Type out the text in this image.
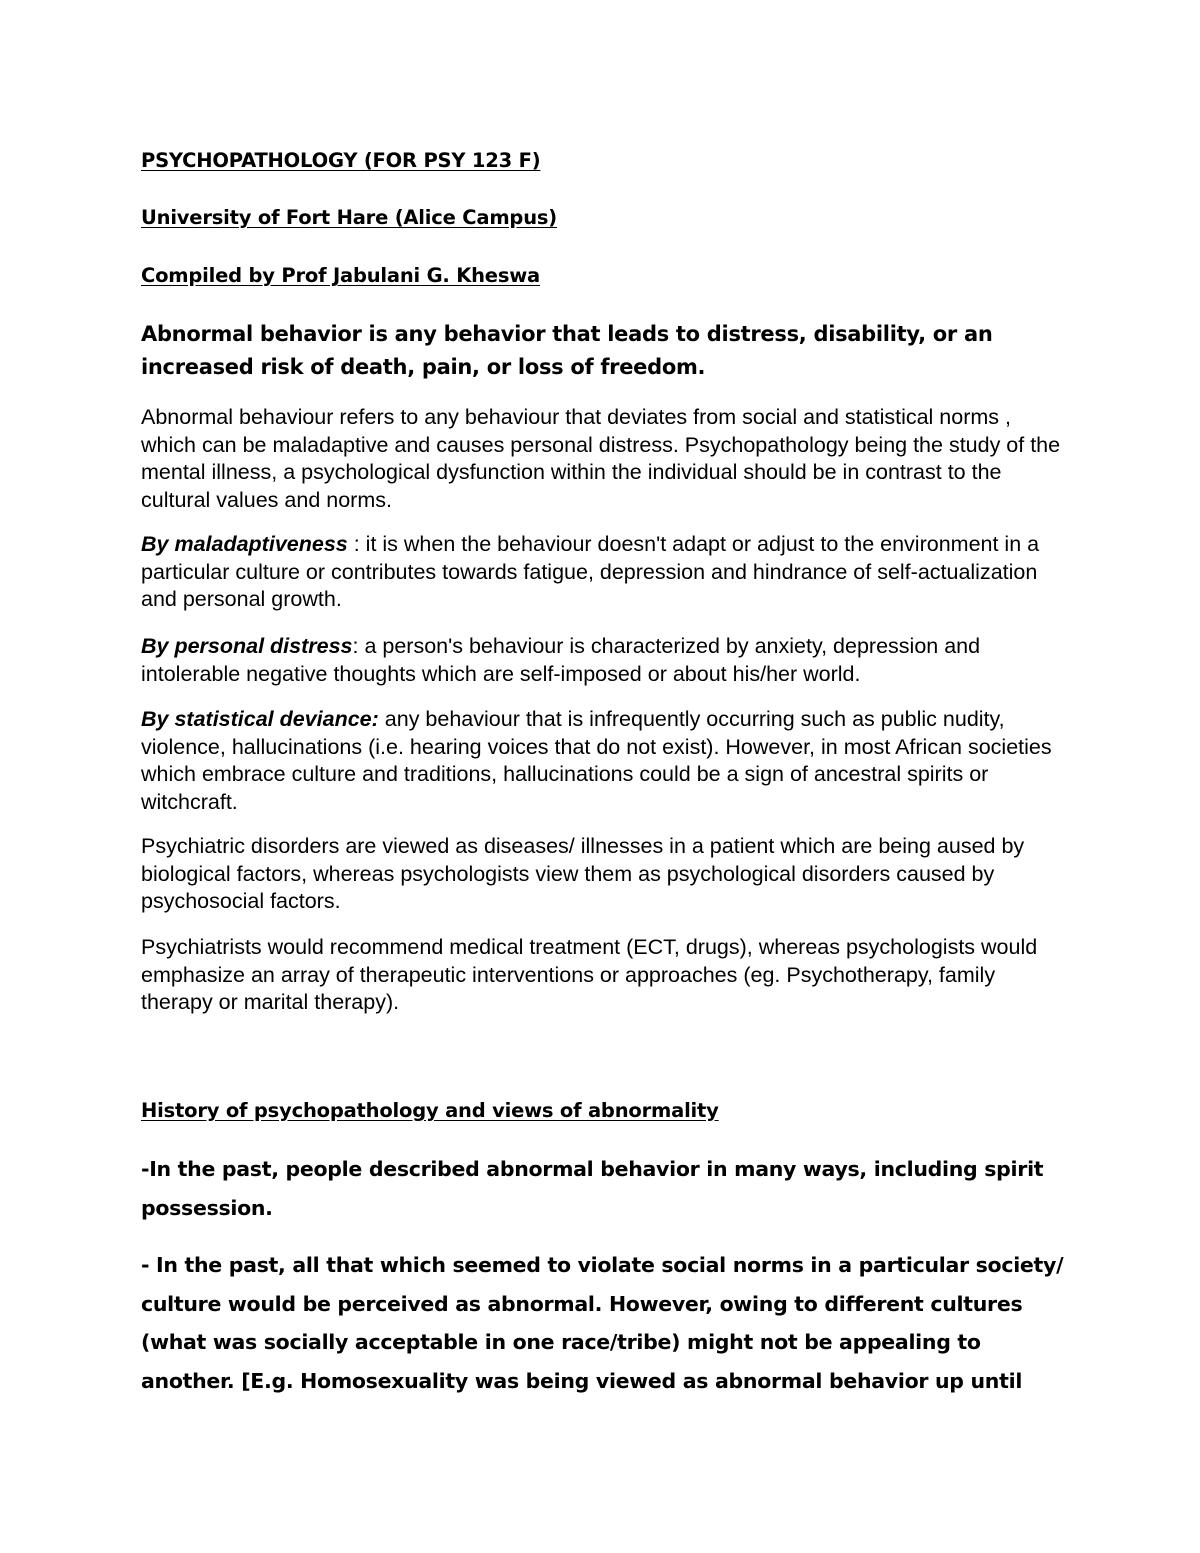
PSYCHOPATHOLOGY (FOR PSY 123 F)

University of Fort Hare (Alice Campus)

Compiled by Prof Jabulani G. Kheswa

Abnormal behavior is any behavior that leads to distress, disability, or an increased risk of death, pain, or loss of freedom.

Abnormal behaviour refers to any behaviour that deviates from social and statistical norms , which can be maladaptive and causes personal distress. Psychopathology being the study of the mental illness, a psychological dysfunction within the individual should be in contrast to the cultural values and norms.

By maladaptiveness : it is when the behaviour doesn't adapt or adjust to the environment in a particular culture or contributes towards fatigue, depression and hindrance of self-actualization and personal growth.

By personal distress: a person's behaviour is characterized by anxiety, depression and intolerable negative thoughts which are self-imposed or about his/her world.

By statistical deviance: any behaviour that is infrequently occurring such as public nudity, violence, hallucinations (i.e. hearing voices that do not exist). However, in most African societies which embrace culture and traditions, hallucinations could be a sign of ancestral spirits or witchcraft.

Psychiatric disorders are viewed as diseases/ illnesses in a patient which are being aused by biological factors, whereas psychologists view them as psychological disorders caused by psychosocial factors.

Psychiatrists would recommend medical treatment (ECT, drugs), whereas psychologists would emphasize an array of therapeutic interventions or approaches (eg. Psychotherapy, family therapy or marital therapy).

History of psychopathology and views of abnormality

-In the past, people described abnormal behavior in many ways, including spirit possession.

- In the past, all that which seemed to violate social norms in a particular society/ culture would be perceived as abnormal. However, owing to different cultures (what was socially acceptable in one race/tribe) might not be appealing to another. [E.g. Homosexuality was being viewed as abnormal behavior up until
